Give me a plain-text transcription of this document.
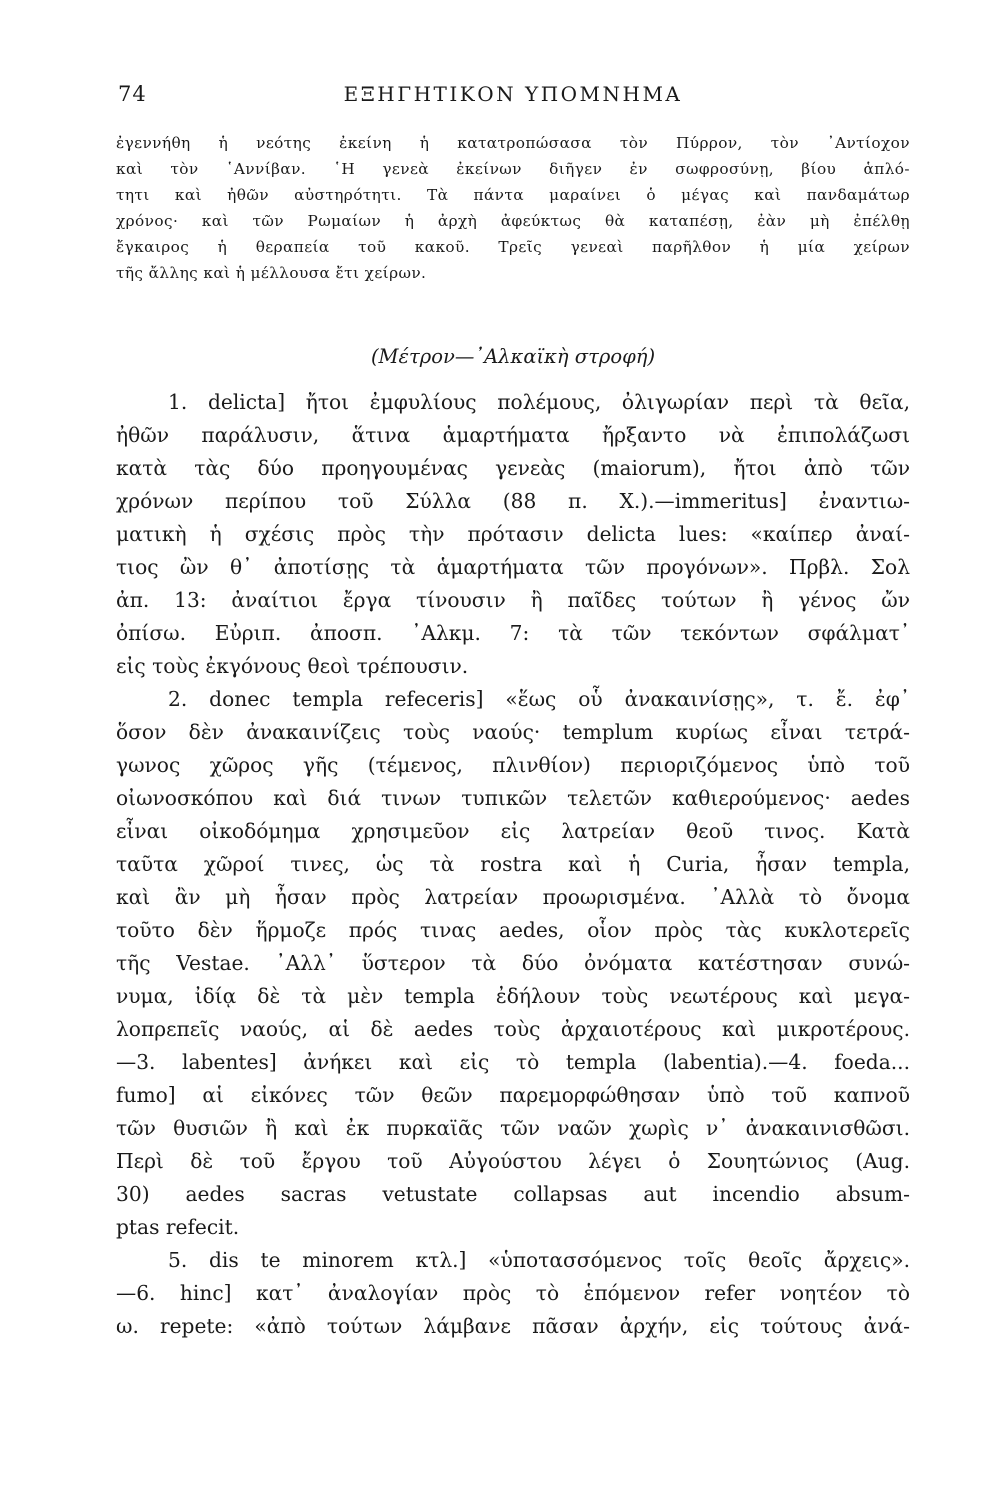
74	ΕΞΗΓΗΤΙΚΟΝ ΥΠΟΜΝΗΜΑ
ἐγεννήθη ἡ νεότης ἐκείνη ἡ κατατροπώσασα τὸν Πύρρον, τὸν ᾿Αντίοχον
καὶ τὸν ῾Αννίβαν. ῾Η γενεὰ ἐκείνων διῆγεν ἐν σωφροσύνῃ, βίου ἁπλό-
τητι καὶ ἠθῶν αὐστηρότητι. Τὰ πάντα μαραίνει ὁ μέγας καὶ πανδαμάτωρ
χρόνος· καὶ τῶν Ρωμαίων ἡ ἀρχὴ ἀφεύκτως θὰ καταπέσῃ, ἐὰν μὴ ἐπέλθῃ
ἔγκαιρος ἡ θεραπεία τοῦ κακοῦ. Τρεῖς γενεαὶ παρῆλθον ἡ μία χείρων
τῆς ἄλλης καὶ ἡ μέλλουσα ἔτι χείρων.
(Μέτρον—᾿Αλκαϊκὴ στροφή)
1. delicta] ἤτοι ἐμφυλίους πολέμους, ὀλιγωρίαν περὶ τὰ θεῖα,
ἠθῶν παράλυσιν, ἅτινα ἁμαρτήματα ἤρξαντο νὰ ἐπιπολάζωσι
κατὰ τὰς δύο προηγουμένας γενεὰς (maiorum), ἤτοι ἀπὸ τῶν
χρόνων περίπου τοῦ Σύλλα (88 π. Χ.).—immeritus] ἐναντιω-
ματικὴ ἡ σχέσις πρὸς τὴν πρότασιν delicta lues: «καίπερ ἀναί-
τιος ὢν θ᾿ ἀποτίσῃς τὰ ἁμαρτήματα τῶν προγόνων». Πρβλ. Σολ
ἀπ. 13: ἀναίτιοι ἔργα τίνουσιν ἢ παῖδες τούτων ἢ γένος ὤν
ὀπίσω. Εὐριπ. ἀποσπ. ᾿Αλκμ. 7: τὰ τῶν τεκόντων σφάλματ᾿
εἰς τοὺς ἐκγόνους θεοὶ τρέπουσιν.
2. donec templa refeceris] «ἕως οὗ ἀνακαινίσῃς», τ. ἔ. ἐφ᾿
ὅσον δὲν ἀνακαινίζεις τοὺς ναούς· templum κυρίως εἶναι τετρά-
γωνος χῶρος γῆς (τέμενος, πλινθίον) περιοριζόμενος ὑπὸ τοῦ
οἰωνοσκόπου καὶ διά τινων τυπικῶν τελετῶν καθιερούμενος· aedes
εἶναι οἰκοδόμημα χρησιμεῦον εἰς λατρείαν θεοῦ τινος. Κατὰ
ταῦτα χῶροί τινες, ὡς τὰ rostra καὶ ἡ Curia, ἦσαν templa,
καὶ ἂν μὴ ἦσαν πρὸς λατρείαν προωρισμένα. ᾿Αλλὰ τὸ ὄνομα
τοῦτο δὲν ἥρμοζε πρός τινας aedes, οἷον πρὸς τὰς κυκλοτερεῖς
τῆς Vestae. ᾿Αλλ᾿ ὕστερον τὰ δύο ὀνόματα κατέστησαν συνώ-
νυμα, ἰδίᾳ δὲ τὰ μὲν templa ἐδήλουν τοὺς νεωτέρους καὶ μεγα-
λοπρεπεῖς ναούς, αἱ δὲ aedes τοὺς ἀρχαιοτέρους καὶ μικροτέρους.
—3. labentes] ἀνήκει καὶ εἰς τὸ templa (labentia).—4. foeda...
fumo] αἱ εἰκόνες τῶν θεῶν παρεμορφώθησαν ὑπὸ τοῦ καπνοῦ
τῶν θυσιῶν ἢ καὶ ἐκ πυρκαϊᾶς τῶν ναῶν χωρὶς ν᾿ ἀνακαινισθῶσι.
Περὶ δὲ τοῦ ἔργου τοῦ Αὐγούστου λέγει ὁ Σουητώνιος (Aug.
30) aedes sacras vetustate collapsas aut incendio absum-
ptas refecit.
5. dis te minorem κτλ.] «ὑποτασσόμενος τοῖς θεοῖς ἄρχεις».
—6. hinc] κατ᾿ ἀναλογίαν πρὸς τὸ ἑπόμενον refer νοητέον τὸ
ω. repete: «ἀπὸ τούτων λάμβανε πᾶσαν ἀρχήν, εἰς τούτους ἀνά-
